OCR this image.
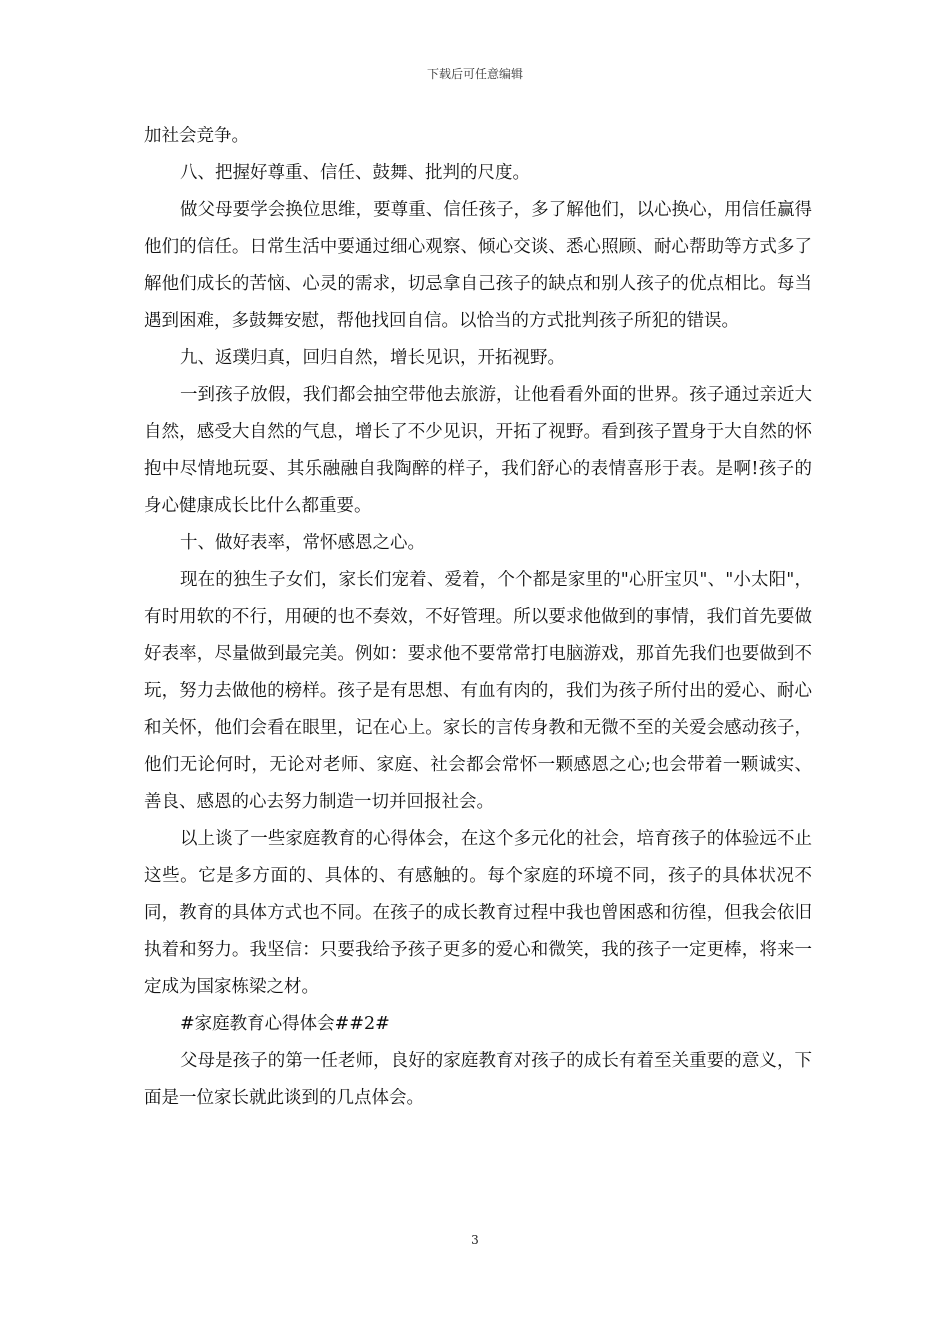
下载后可任意编辑

加社会竞争。

八、把握好尊重、信任、鼓舞、批判的尺度。

做父母要学会换位思维，要尊重、信任孩子，多了解他们，以心换心，用信任赢得他们的信任。日常生活中要通过细心观察、倾心交谈、悉心照顾、耐心帮助等方式多了解他们成长的苦恼、心灵的需求，切忌拿自己孩子的缺点和别人孩子的优点相比。每当遇到困难，多鼓舞安慰，帮他找回自信。以恰当的方式批判孩子所犯的错误。

九、返璞归真，回归自然，增长见识，开拓视野。

一到孩子放假，我们都会抽空带他去旅游，让他看看外面的世界。孩子通过亲近大自然，感受大自然的气息，增长了不少见识，开拓了视野。看到孩子置身于大自然的怀抱中尽情地玩耍、其乐融融自我陶醉的样子，我们舒心的表情喜形于表。是啊!孩子的身心健康成长比什么都重要。

十、做好表率，常怀感恩之心。

现在的独生子女们，家长们宠着、爱着，个个都是家里的"心肝宝贝"、"小太阳"，有时用软的不行，用硬的也不奏效，不好管理。所以要求他做到的事情，我们首先要做好表率，尽量做到最完美。例如：要求他不要常常打电脑游戏，那首先我们也要做到不玩，努力去做他的榜样。孩子是有思想、有血有肉的，我们为孩子所付出的爱心、耐心和关怀，他们会看在眼里，记在心上。家长的言传身教和无微不至的关爱会感动孩子，他们无论何时，无论对老师、家庭、社会都会常怀一颗感恩之心;也会带着一颗诚实、善良、感恩的心去努力制造一切并回报社会。

以上谈了一些家庭教育的心得体会，在这个多元化的社会，培育孩子的体验远不止这些。它是多方面的、具体的、有感触的。每个家庭的环境不同，孩子的具体状况不同，教育的具体方式也不同。在孩子的成长教育过程中我也曾困惑和彷徨，但我会依旧执着和努力。我坚信：只要我给予孩子更多的爱心和微笑，我的孩子一定更棒，将来一定成为国家栋梁之材。

#家庭教育心得体会##2#

父母是孩子的第一任老师，良好的家庭教育对孩子的成长有着至关重要的意义，下面是一位家长就此谈到的几点体会。

3
